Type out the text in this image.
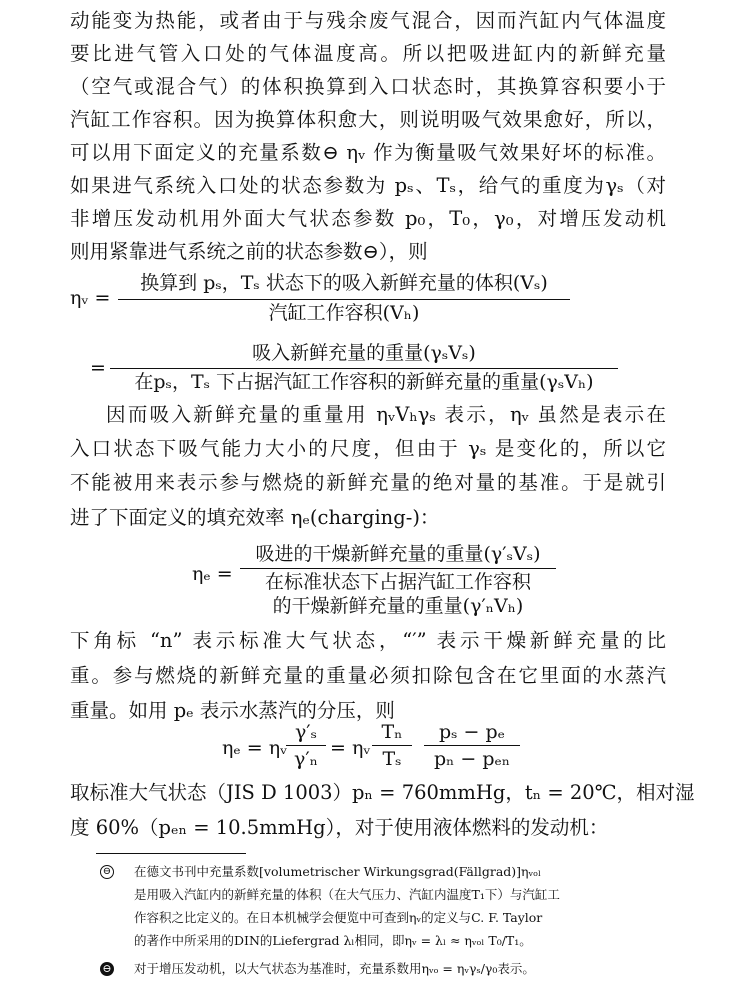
动能变为热能，或者由于与残余废气混合，因而汽缸内气体温度
要比进气管入口处的气体温度高。所以把吸进缸内的新鲜充量
（空气或混合气）的体积换算到入口状态时，其换算容积要小于
汽缸工作容积。因为换算体积愈大，则说明吸气效果愈好，所以，
可以用下面定义的充量系数⊖ ηᵥ 作为衡量吸气效果好坏的标准。
如果进气系统入口处的状态参数为 pₛ、Tₛ，给气的重度为γₛ（对
非增压发动机用外面大气状态参数 p₀，T₀，γ₀，对增压发动机
则用紧靠进气系统之前的状态参数⊖），则
ηᵥ =
换算到 pₛ，Tₛ 状态下的吸入新鲜充量的体积(Vₛ)
汽缸工作容积(Vₕ)
=
吸入新鲜充量的重量(γₛVₛ)
在pₛ，Tₛ 下占据汽缸工作容积的新鲜充量的重量(γₛVₕ)
因而吸入新鲜充量的重量用 ηᵥVₕγₛ 表示，ηᵥ 虽然是表示在
入口状态下吸气能力大小的尺度，但由于 γₛ 是变化的，所以它
不能被用来表示参与燃烧的新鲜充量的绝对量的基准。于是就引
进了下面定义的填充效率 ηₑ(charging-)：
ηₑ =
吸进的干燥新鲜充量的重量(γ′ₛVₛ)
在标准状态下占据汽缸工作容积
的干燥新鲜充量的重量(γ′ₙVₕ)
下角标 “n” 表示标准大气状态，“′” 表示干燥新鲜充量的比
重。参与燃烧的新鲜充量的重量必须扣除包含在它里面的水蒸汽
重量。如用 pₑ 表示水蒸汽的分压，则
ηₑ = ηᵥ
γ′ₛ
γ′ₙ = ηᵥ
Tₙ
Tₛ
pₛ − pₑ
pₙ − pₑₙ
取标准大气状态（JIS D 1003）pₙ = 760mmHg，tₙ = 20℃，相对湿
度 60%（pₑₙ = 10.5mmHg），对于使用液体燃料的发动机：
⊖ 在德文书刊中充量系数[volumetrischer Wirkungsgrad(Fällgrad)]ηᵥₒₗ
是用吸入汽缸内的新鲜充量的体积（在大气压力、汽缸内温度T₁下）与汽缸工
作容积之比定义的。在日本机械学会便览中可查到ηᵥ的定义与C. F. Taylor
的著作中所采用的DIN的Liefergrad λₗ相同，即ηᵥ = λₗ ≈ ηᵥₒₗ T₀/T₁。
⊖ 对于增压发动机，以大气状态为基准时，充量系数用ηᵥₒ = ηᵥγₛ/γ₀表示。
